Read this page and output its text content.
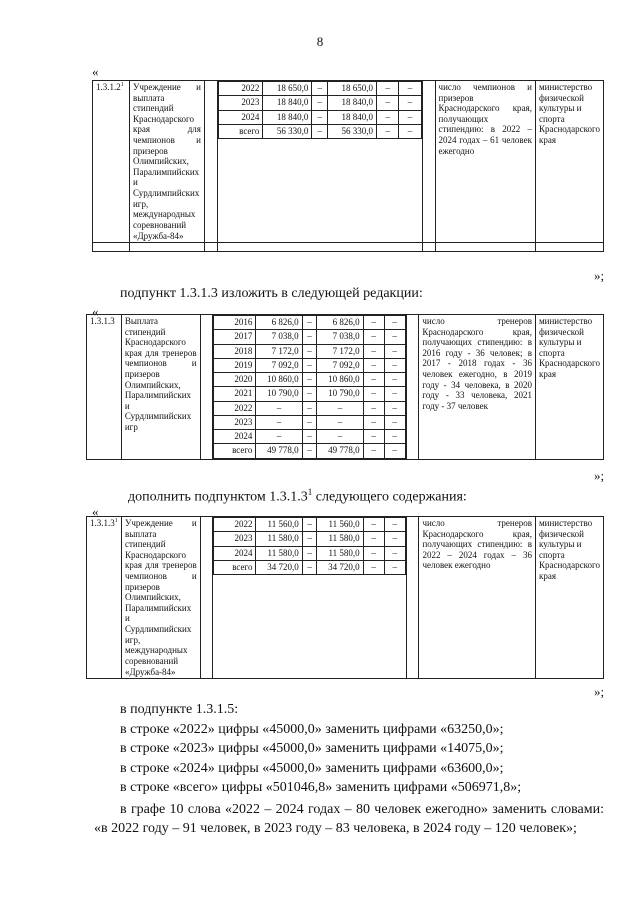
8
«
1.3.1.2$^1$	Учреждение и выплата стипендий Краснодарского края для чемпионов и призеров Олимпийских, Паралимпийских и Сурдлимпийских игр, международных соревнований «Дружба-84»		
2022	18 650,0	–	18 650,0	–	–
2023	18 840,0	–	18 840,0	–	–
2024	18 840,0	–	18 840,0	–	–
всего	56 330,0	–	56 330,0	–	–
		число чемпионов и призеров Краснодарского края, получающих стипендию: в 2022 – 2024 годах – 61 человек ежегодно	министерство физической культуры и спорта Краснодарского края

»;
подпункт 1.3.1.3 изложить в следующей редакции:
«
1.3.1.3	Выплата стипендий Краснодарского края для тренеров чемпионов и призеров Олимпийских, Паралимпийских и Сурдлимпийских игр		
2016	6 826,0	–	6 826,0	–	–
2017	7 038,0	–	7 038,0	–	–
2018	7 172,0	–	7 172,0	–	–
2019	7 092,0	–	7 092,0	–	–
2020	10 860,0	–	10 860,0	–	–
2021	10 790,0	–	10 790,0	–	–
2022	–	–	–	–	–
2023	–	–	–	–	–
2024	–	–	–	–	–
всего	49 778,0	–	49 778,0	–	–
		число тренеров Краснодарского края, получающих стипендию: в 2016 году - 36 человек; в 2017 - 2018 годах - 36 человек ежегодно, в 2019 году - 34 человека, в 2020 году - 33 человека, 2021 году - 37 человек	министерство физической культуры и спорта Краснодарского края
»;
дополнить подпунктом 1.3.1.3$^1$ следующего содержания:
«
1.3.1.3$^1$	Учреждение и выплата стипендий Краснодарского края для тренеров чемпионов и призеров Олимпийских, Паралимпийских и Сурдлимпийских игр, международных соревнований «Дружба-84»		
2022	11 560,0	–	11 560,0	–	–
2023	11 580,0	–	11 580,0	–	–
2024	11 580,0	–	11 580,0	–	–
всего	34 720,0	–	34 720,0	–	–
		число тренеров Краснодарского края, получающих стипендию: в 2022 – 2024 годах – 36 человек ежегодно	министерство физической культуры и спорта Краснодарского края
»;
в подпункте 1.3.1.5:
в строке «2022» цифры «45000,0» заменить цифрами «63250,0»;
в строке «2023» цифры «45000,0» заменить цифрами «14075,0»;
в строке «2024» цифры «45000,0» заменить цифрами «63600,0»;
в строке «всего» цифры «501046,8» заменить цифрами «506971,8»;
в графе 10 слова «2022 – 2024 годах – 80 человек ежегодно» заменить словами: «в 2022 году – 91 человек, в 2023 году – 83 человека, в 2024 году – 120 человек»;
